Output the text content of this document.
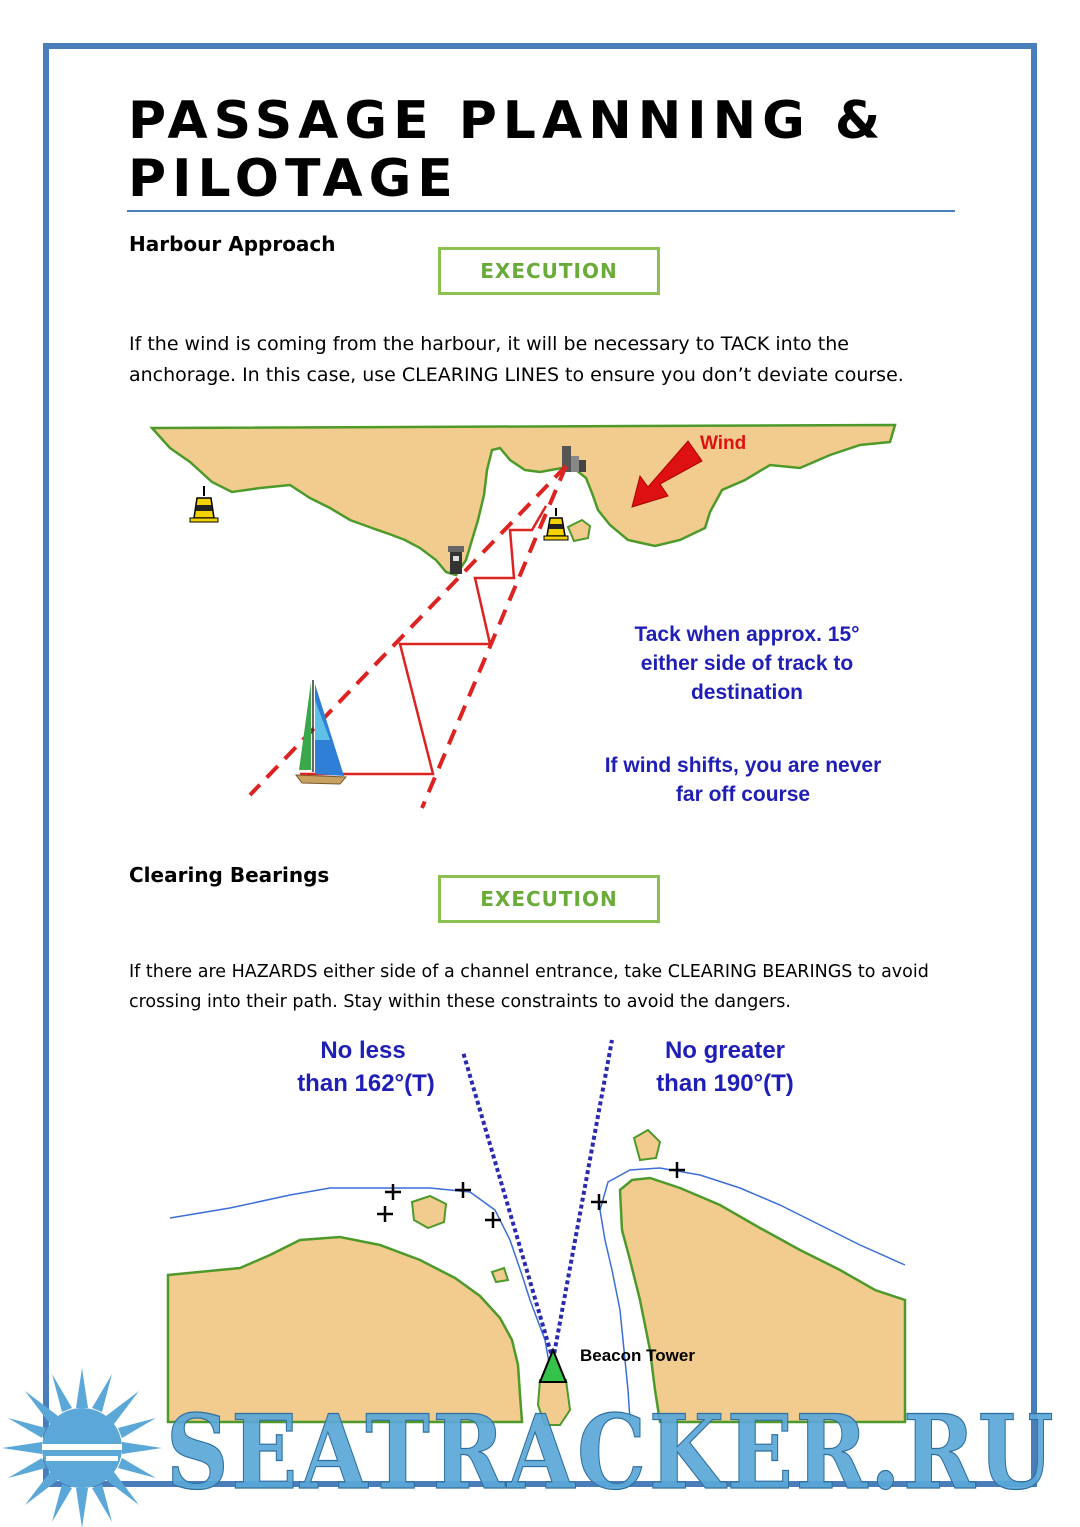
PASSAGE PLANNING & PILOTAGE
Harbour Approach
EXECUTION

If the wind is coming from the harbour, it will be necessary to TACK into the anchorage. In this case, use CLEARING LINES to ensure you don’t deviate course.

Wind
Tack when approx. 15°
either side of track to
destination
If wind shifts, you are never
far off course
No less
than 162°(T)
No greater
than 190°(T)
Beacon Tower
Clearing Bearings
EXECUTION

If there are HAZARDS either side of a channel entrance, take CLEARING BEARINGS to avoid crossing into their path. Stay within these constraints to avoid the dangers.

SEATRACKER.RU
